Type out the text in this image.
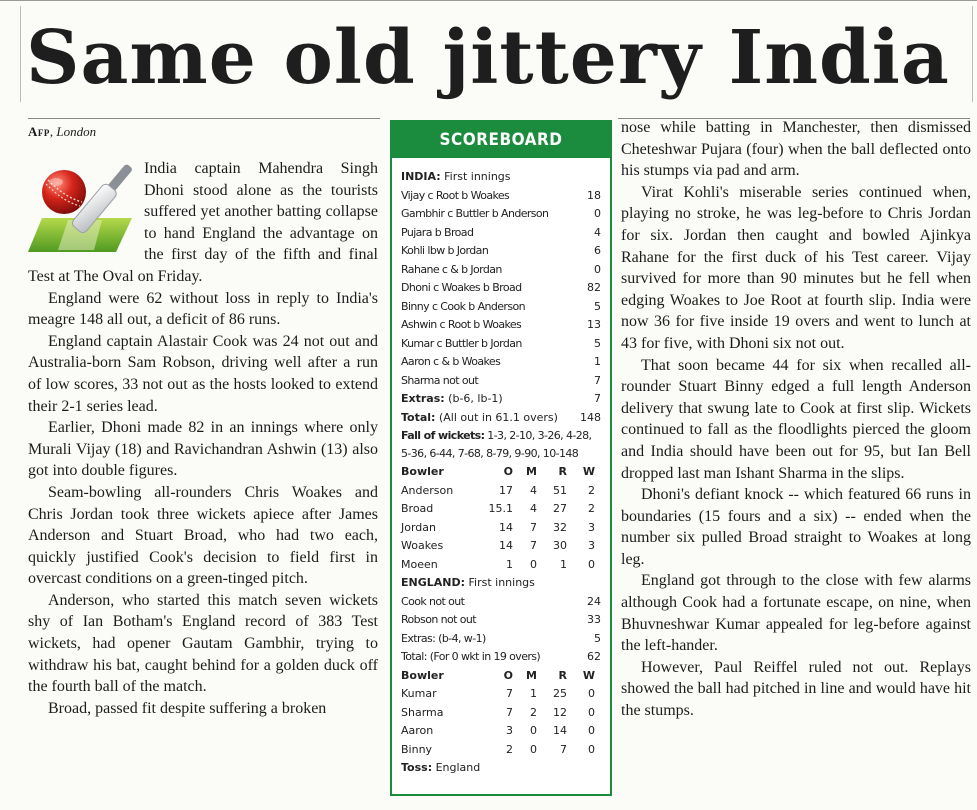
Same old jittery India
Afp, London

India captain Mahendra Singh Dhoni stood alone as the tourists suffered yet another batting collapse to hand England the advantage on the first day of the fifth and final Test at The Oval on Friday.

England were 62 without loss in reply to India's meagre 148 all out, a deficit of 86 runs.

England captain Alastair Cook was 24 not out and Australia-born Sam Robson, driving well after a run of low scores, 33 not out as the hosts looked to extend their 2-1 series lead.

Earlier, Dhoni made 82 in an innings where only Murali Vijay (18) and Ravichandran Ashwin (13) also got into double figures.

Seam-bowling all-rounders Chris Woakes and Chris Jordan took three wickets apiece after James Anderson and Stuart Broad, who had two each, quickly justified Cook's decision to field first in overcast conditions on a green-tinged pitch.

Anderson, who started this match seven wickets shy of Ian Botham's England record of 383 Test wickets, had opener Gautam Gambhir, trying to withdraw his bat, caught behind for a golden duck off the fourth ball of the match.

Broad, passed fit despite suffering a broken

SCOREBOARD
INDIA: First innings
Vijay c Root b Woakes	18
Gambhir c Buttler b Anderson	0
Pujara b Broad	4
Kohli lbw b Jordan	6
Rahane c & b Jordan	0
Dhoni c Woakes b Broad	82
Binny c Cook b Anderson	5
Ashwin c Root b Woakes	13
Kumar c Buttler b Jordan	5
Aaron c & b Woakes	1
Sharma not out	7
Extras: (b-6, lb-1)	7
Total: (All out in 61.1 overs) 148
Fall of wickets: 1-3, 2-10, 3-26, 4-28, 5-36, 6-44, 7-68, 8-79, 9-90, 10-148
Bowler	O	M	R	W
Anderson	17	4	51	2
Broad	15.1	4	27	2
Jordan	14	7	32	3
Woakes	14	7	30	3
Moeen	1	0	1	0
ENGLAND: First innings
Cook not out	24
Robson not out	33
Extras: (b-4, w-1)	5
Total: (For 0 wkt in 19 overs)	62
Bowler	O	M	R	W
Kumar	7	1	25	0
Sharma	7	2	12	0
Aaron	3	0	14	0
Binny	2	0	7	0
Toss: England

nose while batting in Manchester, then dismissed Cheteshwar Pujara (four) when the ball deflected onto his stumps via pad and arm.

Virat Kohli's miserable series continued when, playing no stroke, he was leg-before to Chris Jordan for six. Jordan then caught and bowled Ajinkya Rahane for the first duck of his Test career. Vijay survived for more than 90 minutes but he fell when edging Woakes to Joe Root at fourth slip. India were now 36 for five inside 19 overs and went to lunch at 43 for five, with Dhoni six not out.

That soon became 44 for six when recalled all-rounder Stuart Binny edged a full length Anderson delivery that swung late to Cook at first slip. Wickets continued to fall as the floodlights pierced the gloom and India should have been out for 95, but Ian Bell dropped last man Ishant Sharma in the slips.

Dhoni's defiant knock -- which featured 66 runs in boundaries (15 fours and a six) -- ended when the number six pulled Broad straight to Woakes at long leg.

England got through to the close with few alarms although Cook had a fortunate escape, on nine, when Bhuvneshwar Kumar appealed for leg-before against the left-hander.

However, Paul Reiffel ruled not out. Replays showed the ball had pitched in line and would have hit the stumps.
